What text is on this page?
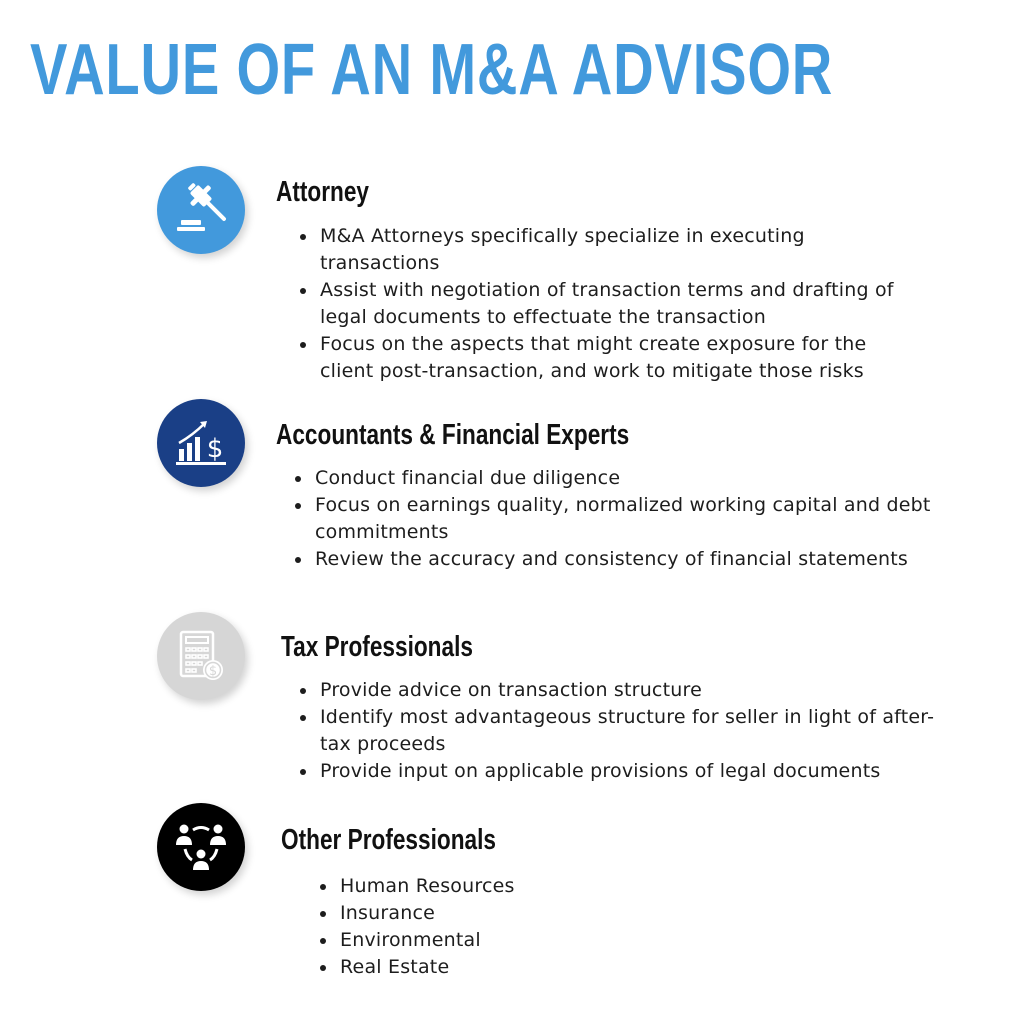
VALUE OF AN M&A ADVISOR
Attorney
M&A Attorneys specifically specialize in executing transactions
Assist with negotiation of transaction terms and drafting of legal documents to effectuate the transaction
Focus on the aspects that might create exposure for the client post-transaction, and work to mitigate those risks
$ Accountants & Financial Experts
Conduct financial due diligence
Focus on earnings quality, normalized working capital and debt commitments
Review the accuracy and consistency of financial statements
$
Tax Professionals
Provide advice on transaction structure
Identify most advantageous structure for seller in light of after-tax proceeds
Provide input on applicable provisions of legal documents
Other Professionals
Human Resources
Insurance
Environmental
Real Estate
